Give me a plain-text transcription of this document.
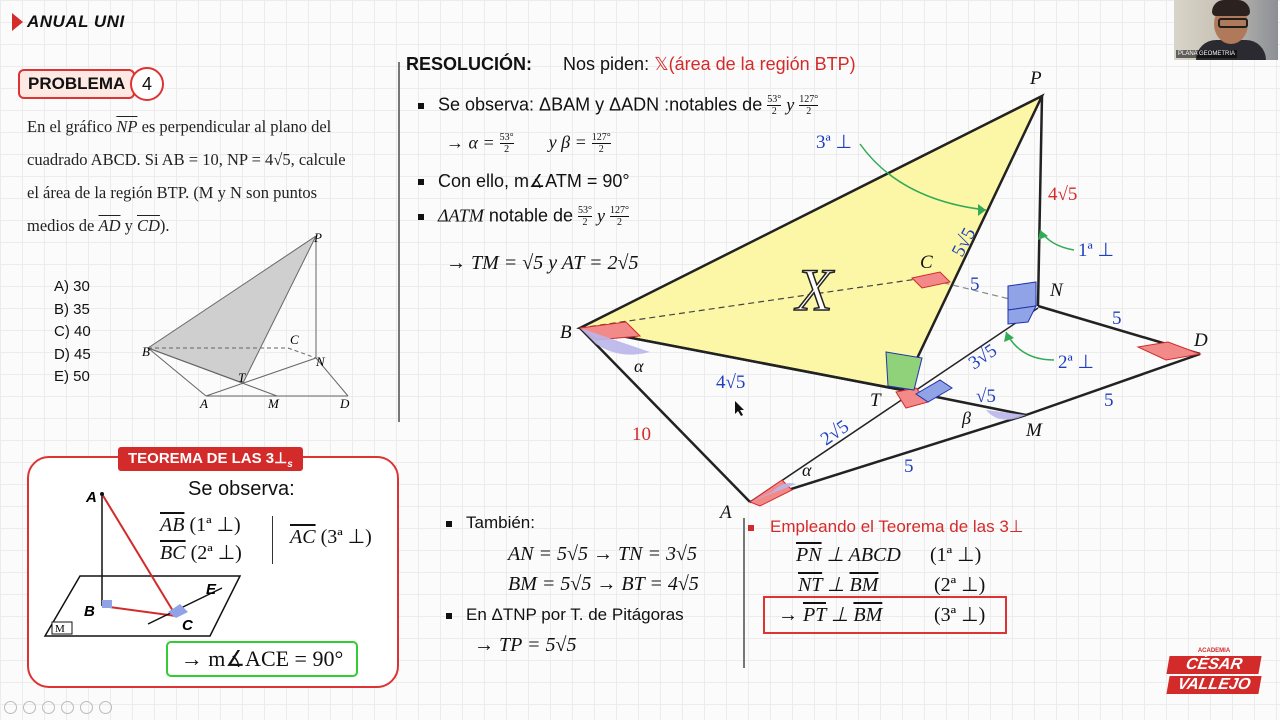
ANUAL UNI
PLANA GEOMETRIA
PROBLEMA 4
En el gráfico $\overline{NP}$ es perpendicular al plano del
cuadrado ABCD. Si AB = 10, NP = 4√5, calcule
el área de la región BTP. (M y N son puntos
medios de $\overline{AD}$ y $\overline{CD}$).
A) 30
B) 35
C) 40
D) 45
E) 50
P
B
C
N
T
A	M	D
TEOREMA DE LAS $3\perp_s$
Se observa:
$\overline{AB}$ (1ª ⊥)
$\overline{BC}$ (2ª ⊥)
$\overline{AC}$ (3ª ⊥)
→ m∡ACE = 90°
A
B
C
E
M
RESOLUCIÓN: Nos piden: 𝕏(área de la región BTP)
Se observa: ΔBAM y ΔADN :notables de $\frac{53^\circ}{2}$ y $\frac{127^\circ}{2}$
→ $\alpha = \frac{53^\circ}{2}$ y $\beta = \frac{127^\circ}{2}$
Con ello, m∡ATM = 90°
ΔATM notable de $\frac{53^\circ}{2}$ y $\frac{127^\circ}{2}$
→ TM = √5 y AT = 2√5
También:
AN = 5√5 → TN = 3√5
BM = 5√5 → BT = 4√5
En ΔTNP por T. de Pitágoras
→ TP = 5√5
Empleando el Teorema de las 3⊥
$\overline{PN}$ ⊥ ABCD (1ª ⊥)
$\overline{NT}$ ⊥ $\overline{BM}$	(2ª ⊥)
→ $\overline{PT}$ ⊥ $\overline{BM}$	(3ª ⊥)
P
B
C
N
D
T
A
M
X
3ª ⊥
1ª ⊥
2ª ⊥
5
5
5
5
4√5
√5
3√5
2√5
5√5
4√5
10
α
α
β
ACADEMIA
CÉSAR
VALLEJO
